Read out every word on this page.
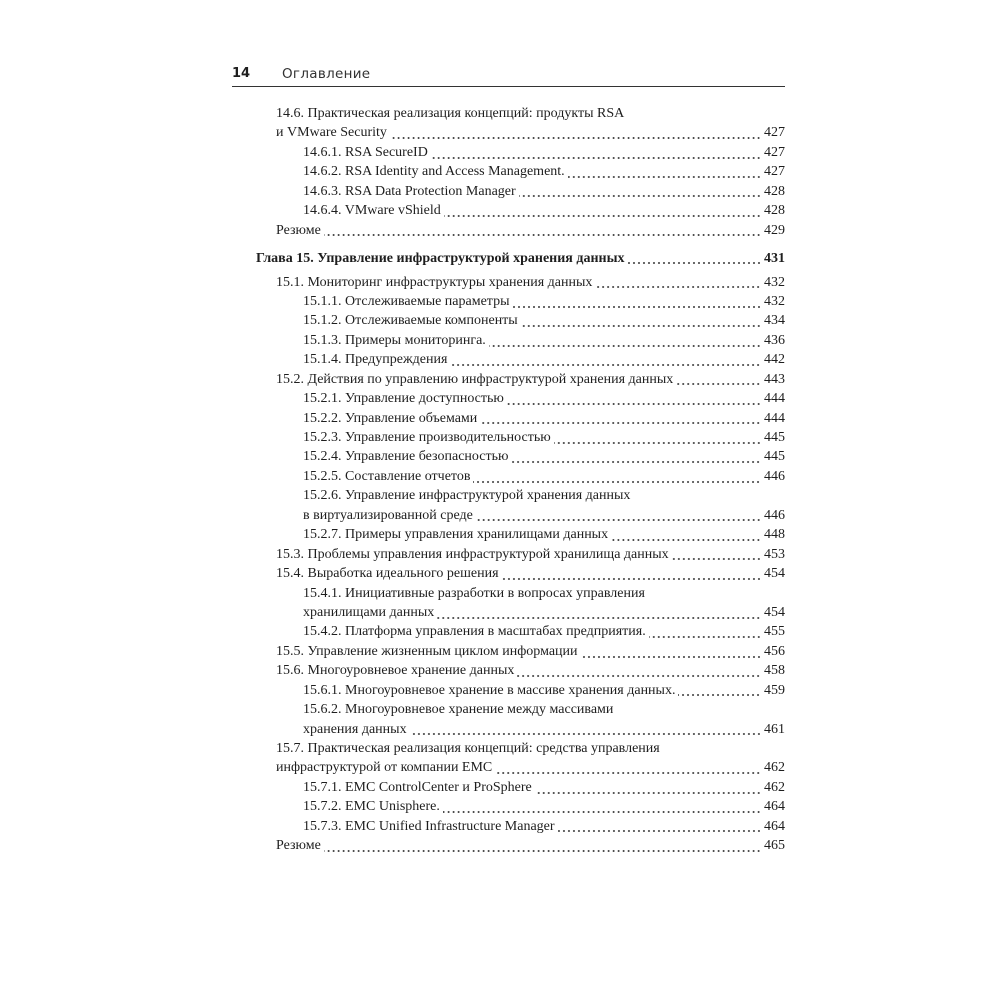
14 Оглавление
14.6. Практическая реализация концепций: продукты RSA
и VMware Security	427
14.6.1. RSA SecureID	427
14.6.2. RSA Identity and Access Management.	427
14.6.3. RSA Data Protection Manager	428
14.6.4. VMware vShield	428
Резюме	429
Глава 15. Управление инфраструктурой хранения данных	431
15.1. Мониторинг инфраструктуры хранения данных	432
15.1.1. Отслеживаемые параметры	432
15.1.2. Отслеживаемые компоненты	434
15.1.3. Примеры мониторинга.	436
15.1.4. Предупреждения	442
15.2. Действия по управлению инфраструктурой хранения данных	443
15.2.1. Управление доступностью	444
15.2.2. Управление объемами	444
15.2.3. Управление производительностью	445
15.2.4. Управление безопасностью	445
15.2.5. Составление отчетов	446
15.2.6. Управление инфраструктурой хранения данных
в виртуализированной среде	446
15.2.7. Примеры управления хранилищами данных	448
15.3. Проблемы управления инфраструктурой хранилища данных	453
15.4. Выработка идеального решения	454
15.4.1. Инициативные разработки в вопросах управления
хранилищами данных	454
15.4.2. Платформа управления в масштабах предприятия.	455
15.5. Управление жизненным циклом информации	456
15.6. Многоуровневое хранение данных	458
15.6.1. Многоуровневое хранение в массиве хранения данных.	459
15.6.2. Многоуровневое хранение между массивами
хранения данных	461
15.7. Практическая реализация концепций: средства управления
инфраструктурой от компании EMC	462
15.7.1. EMC ControlCenter и ProSphere	462
15.7.2. EMC Unisphere.	464
15.7.3. EMC Unified Infrastructure Manager	464
Резюме	465
